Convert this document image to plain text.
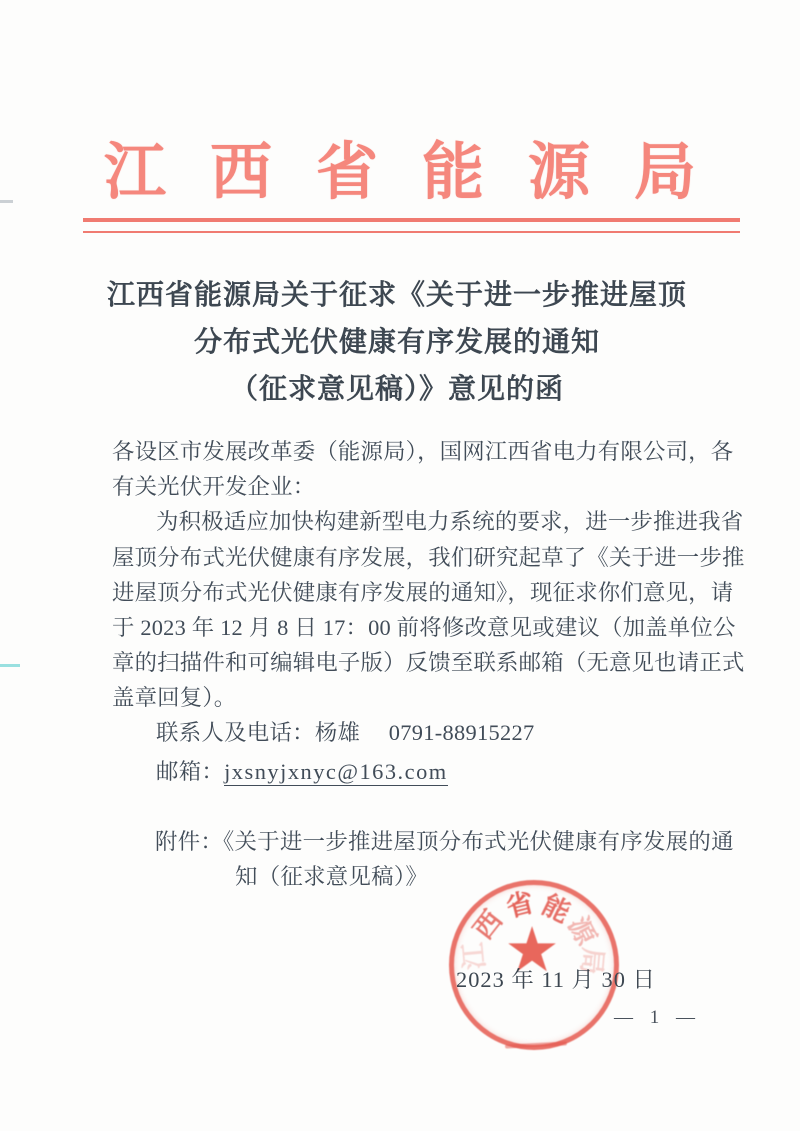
江西省能源局
江西省能源局关于征求《关于进一步推进屋顶
分布式光伏健康有序发展的通知
（征求意见稿）》意见的函
各设区市发展改革委（能源局），国网江西省电力有限公司，各
有关光伏开发企业：
为积极适应加快构建新型电力系统的要求，进一步推进我省
屋顶分布式光伏健康有序发展，我们研究起草了《关于进一步推
进屋顶分布式光伏健康有序发展的通知》，现征求你们意见，请
于 2023 年 12 月 8 日 17：00 前将修改意见或建议（加盖单位公
章的扫描件和可编辑电子版）反馈至联系邮箱（无意见也请正式
盖章回复）。
联系人及电话：杨雄　 0791-88915227
邮箱：jxsnyjxnyc@163.com
附件：《关于进一步推进屋顶分布式光伏健康有序发展的通
知（征求意见稿）》
★
江
西
省 能
源
局
2023 年 11 月 30 日
— 1 —
